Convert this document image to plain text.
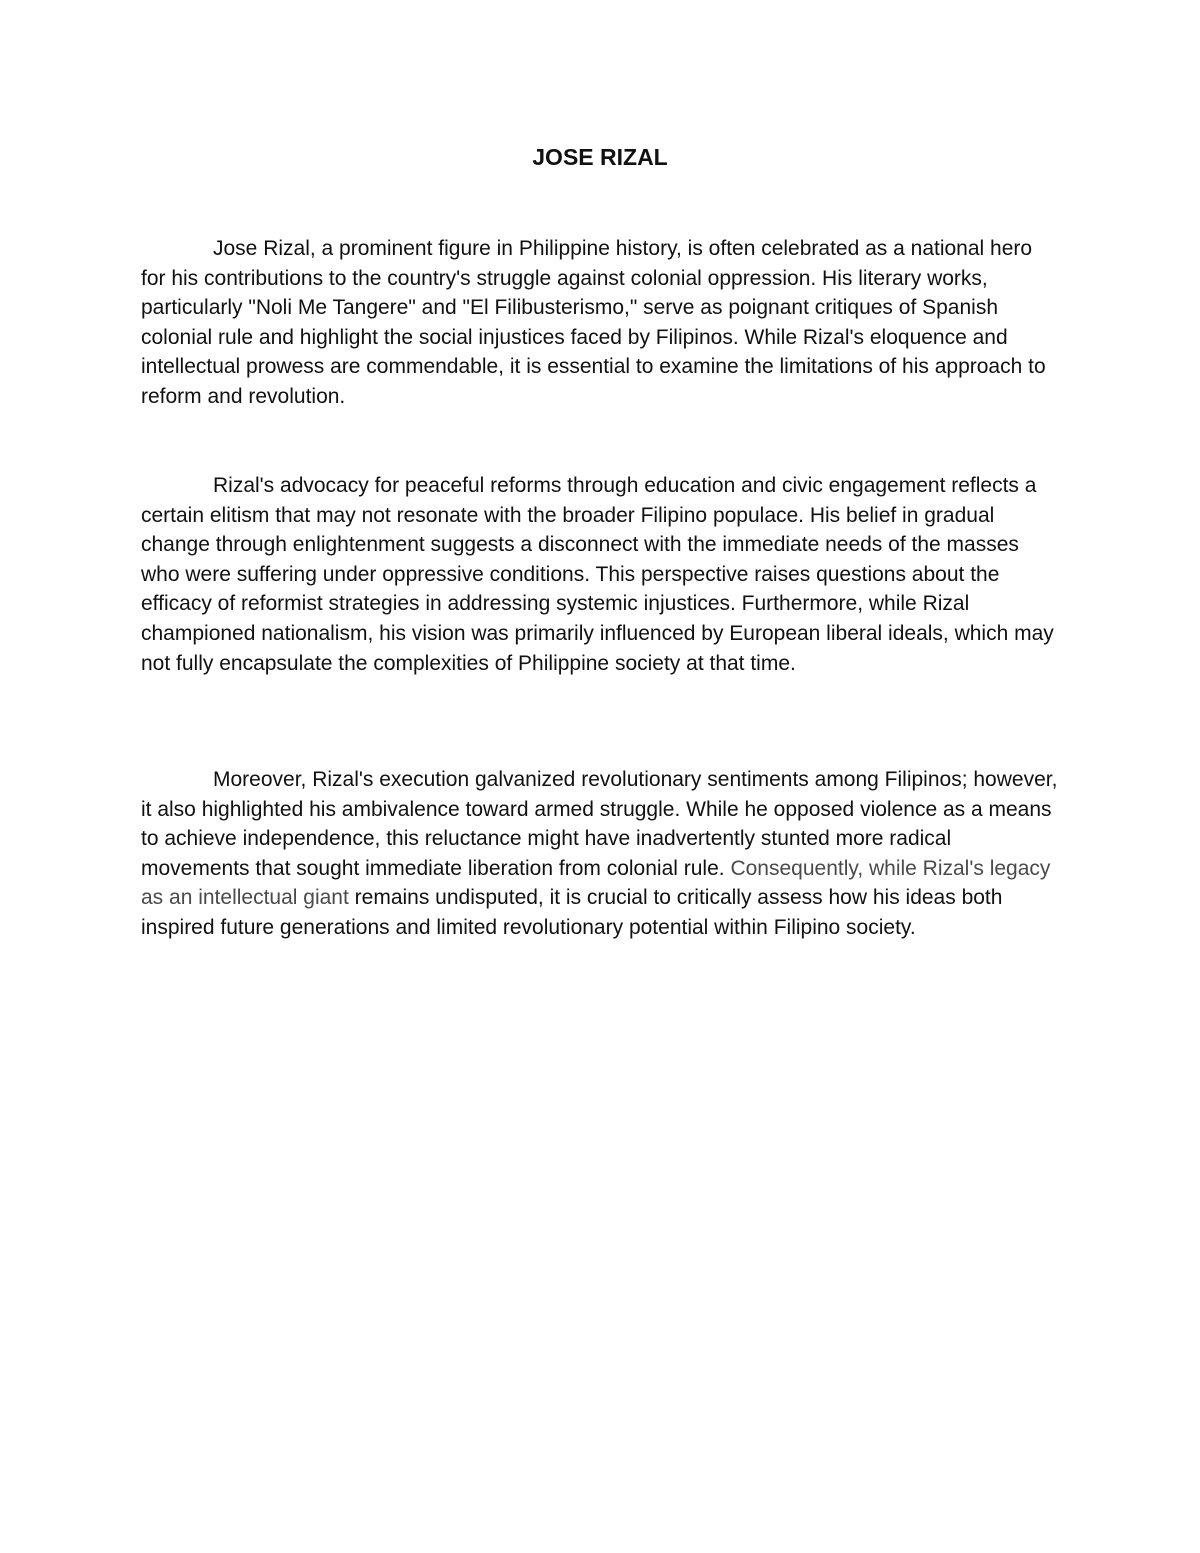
JOSE RIZAL

Jose Rizal, a prominent figure in Philippine history, is often celebrated as a national hero for his contributions to the country's struggle against colonial oppression. His literary works, particularly "Noli Me Tangere" and "El Filibusterismo," serve as poignant critiques of Spanish colonial rule and highlight the social injustices faced by Filipinos. While Rizal's eloquence and intellectual prowess are commendable, it is essential to examine the limitations of his approach to reform and revolution.

Rizal's advocacy for peaceful reforms through education and civic engagement reflects a certain elitism that may not resonate with the broader Filipino populace. His belief in gradual change through enlightenment suggests a disconnect with the immediate needs of the masses who were suffering under oppressive conditions. This perspective raises questions about the efficacy of reformist strategies in addressing systemic injustices. Furthermore, while Rizal championed nationalism, his vision was primarily influenced by European liberal ideals, which may not fully encapsulate the complexities of Philippine society at that time.

Moreover, Rizal's execution galvanized revolutionary sentiments among Filipinos; however, it also highlighted his ambivalence toward armed struggle. While he opposed violence as a means to achieve independence, this reluctance might have inadvertently stunted more radical movements that sought immediate liberation from colonial rule. Consequently, while Rizal's legacy as an intellectual giant remains undisputed, it is crucial to critically assess how his ideas both inspired future generations and limited revolutionary potential within Filipino society.
